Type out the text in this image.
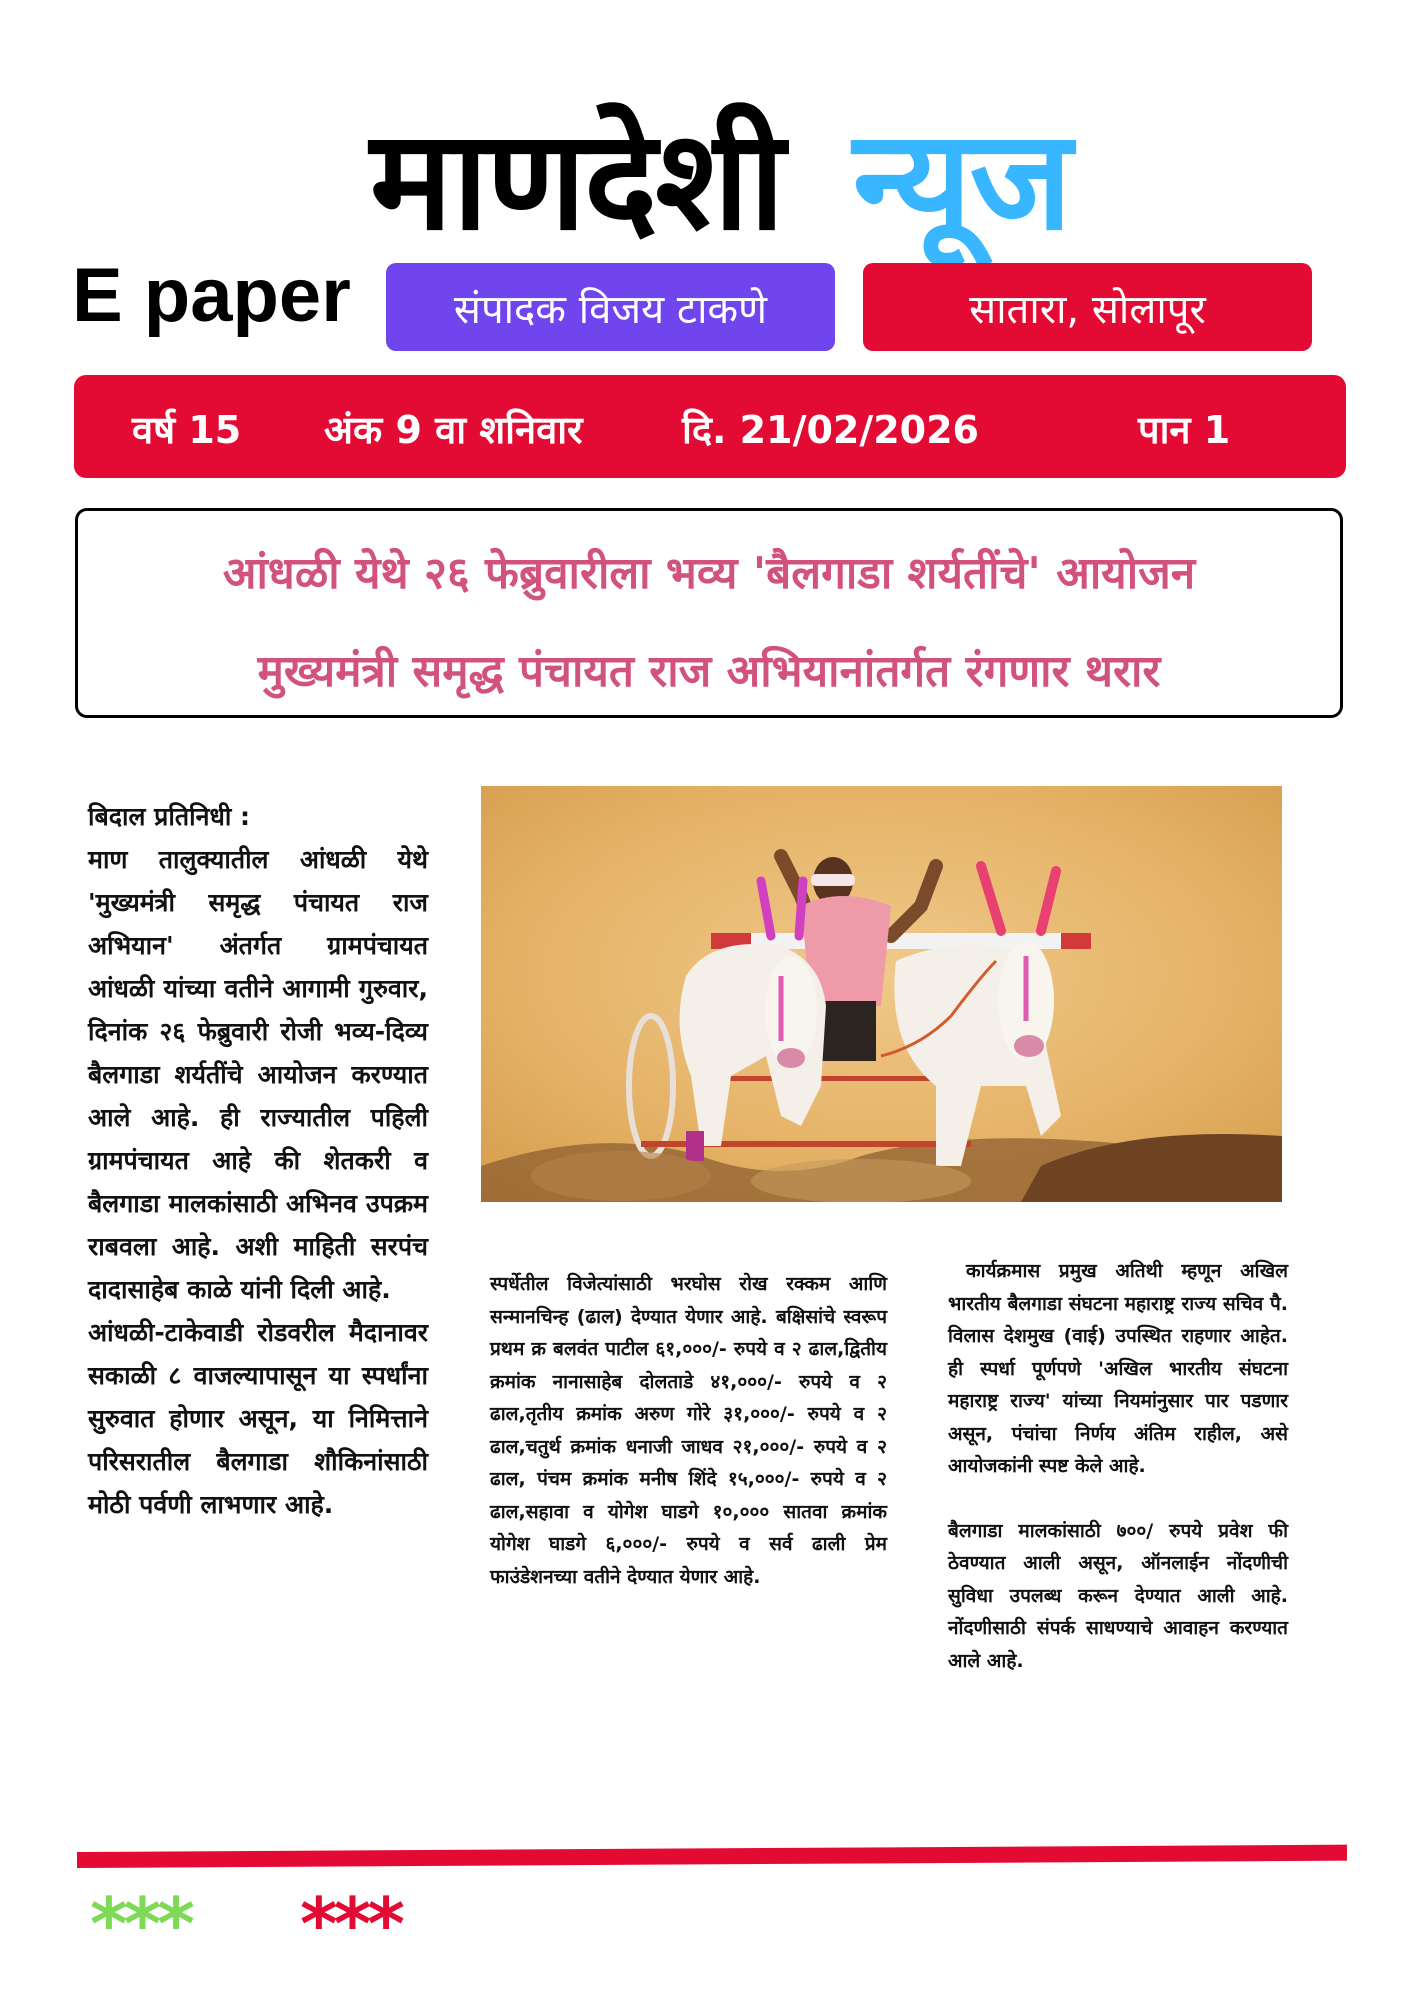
माणदेशी न्यूज
E paper	संपादक विजय टाकणे	सातारा, सोलापूर
वर्ष 15 अंक 9 वा शनिवार	दि. 21/02/2026	पान 1
आंधळी येथे २६ फेब्रुवारीला भव्य 'बैलगाडा शर्यतींचे' आयोजन
मुख्यमंत्री समृद्ध पंचायत राज अभियानांतर्गत रंगणार थरार
बिदाल प्रतिनिधी :

माण तालुक्यातील आंधळी येथे 'मुख्यमंत्री समृद्ध पंचायत राज अभियान' अंतर्गत ग्रामपंचायत आंधळी यांच्या वतीने आगामी गुरुवार, दिनांक २६ फेब्रुवारी रोजी भव्य-दिव्य बैलगाडा शर्यतींचे आयोजन करण्यात आले आहे. ही राज्यातील पहिली ग्रामपंचायत आहे की शेतकरी व बैलगाडा मालकांसाठी अभिनव उपक्रम राबवला आहे. अशी माहिती सरपंच दादासाहेब काळे यांनी दिली आहे.

आंधळी-टाकेवाडी रोडवरील मैदानावर सकाळी ८ वाजल्यापासून या स्पर्धांना सुरुवात होणार असून, या निमित्ताने परिसरातील बैलगाडा शौकिनांसाठी मोठी पर्वणी लाभणार आहे.

स्पर्धेतील विजेत्यांसाठी भरघोस रोख रक्कम आणि सन्मानचिन्ह (ढाल) देण्यात येणार आहे. बक्षिसांचे स्वरूप प्रथम क्र बलवंत पाटील ६१,०००/- रुपये व २ ढाल,द्वितीय क्रमांक नानासाहेब दोलताडे ४१,०००/- रुपये व २ ढाल,तृतीय क्रमांक अरुण गोरे ३१,०००/- रुपये व २ ढाल,चतुर्थ क्रमांक धनाजी जाधव २१,०००/- रुपये व २ ढाल, पंचम क्रमांक मनीष शिंदे १५,०००/- रुपये व २ ढाल,सहावा व योगेश घाडगे १०,००० सातवा क्रमांक योगेश घाडगे ६,०००/- रुपये व सर्व ढाली प्रेम फाउंडेशनच्या वतीने देण्यात येणार आहे.

कार्यक्रमास प्रमुख अतिथी म्हणून अखिल भारतीय बैलगाडा संघटना महाराष्ट्र राज्य सचिव पै. विलास देशमुख (वाई) उपस्थित राहणार आहेत. ही स्पर्धा पूर्णपणे 'अखिल भारतीय संघटना महाराष्ट्र राज्य' यांच्या नियमांनुसार पार पडणार असून, पंचांचा निर्णय अंतिम राहील, असे आयोजकांनी स्पष्ट केले आहे.

बैलगाडा मालकांसाठी ७००/ रुपये प्रवेश फी ठेवण्यात आली असून, ऑनलाईन नोंदणीची सुविधा उपलब्ध करून देण्यात आली आहे. नोंदणीसाठी संपर्क साधण्याचे आवाहन करण्यात आले आहे.

*** ***
